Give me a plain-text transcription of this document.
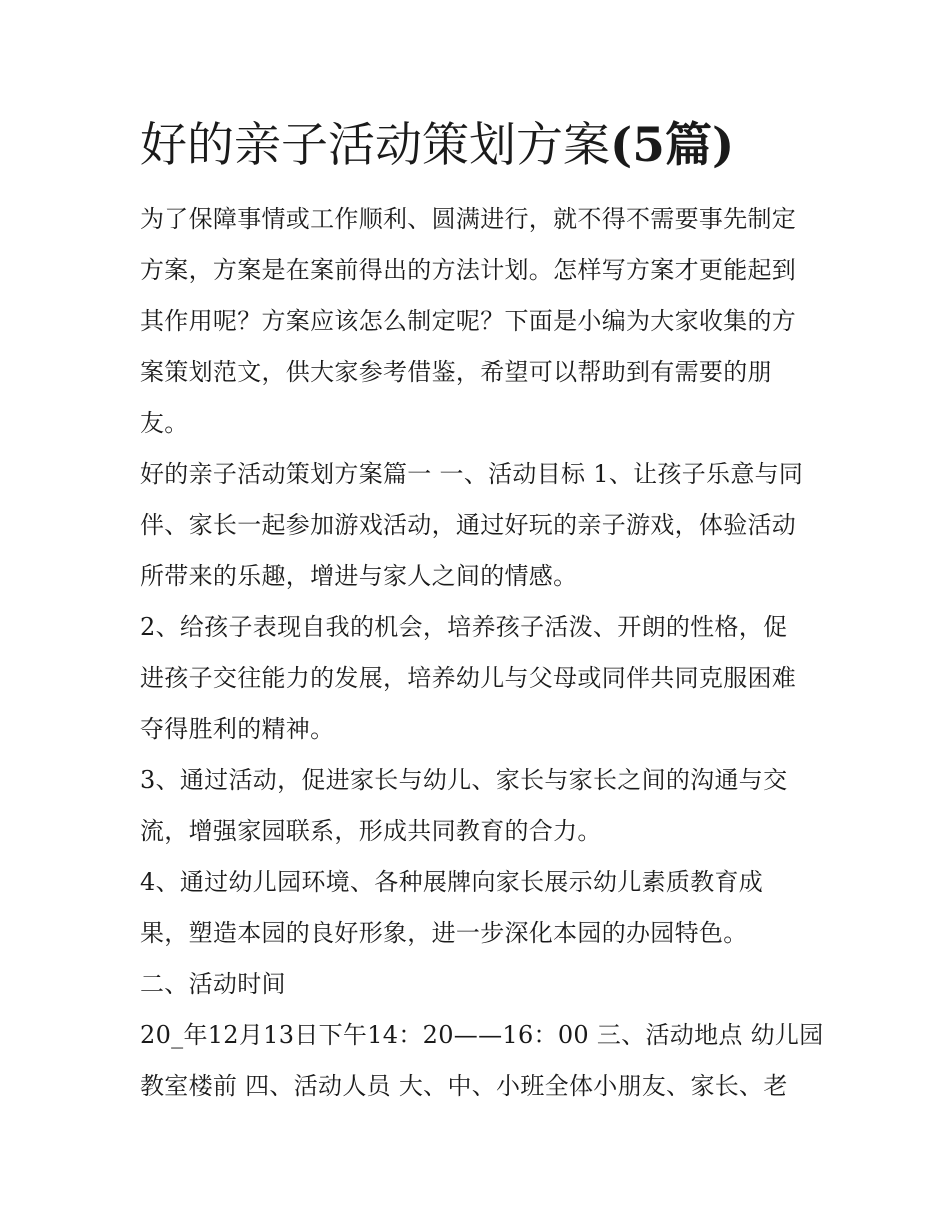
好的亲子活动策划方案(5篇)

为了保障事情或工作顺利、圆满进行，就不得不需要事先制定
方案，方案是在案前得出的方法计划。怎样写方案才更能起到
其作用呢？方案应该怎么制定呢？下面是小编为大家收集的方
案策划范文，供大家参考借鉴，希望可以帮助到有需要的朋
友。

好的亲子活动策划方案篇一 一、活动目标 1、让孩子乐意与同
伴、家长一起参加游戏活动，通过好玩的亲子游戏，体验活动
所带来的乐趣，增进与家人之间的情感。

2、给孩子表现自我的机会，培养孩子活泼、开朗的性格，促
进孩子交往能力的发展，培养幼儿与父母或同伴共同克服困难
夺得胜利的精神。

3、通过活动，促进家长与幼儿、家长与家长之间的沟通与交
流，增强家园联系，形成共同教育的合力。

4、通过幼儿园环境、各种展牌向家长展示幼儿素质教育成
果，塑造本园的良好形象，进一步深化本园的办园特色。

二、活动时间

20_年12月13日下午14：20——16：00 三、活动地点 幼儿园
教室楼前 四、活动人员 大、中、小班全体小朋友、家长、老
